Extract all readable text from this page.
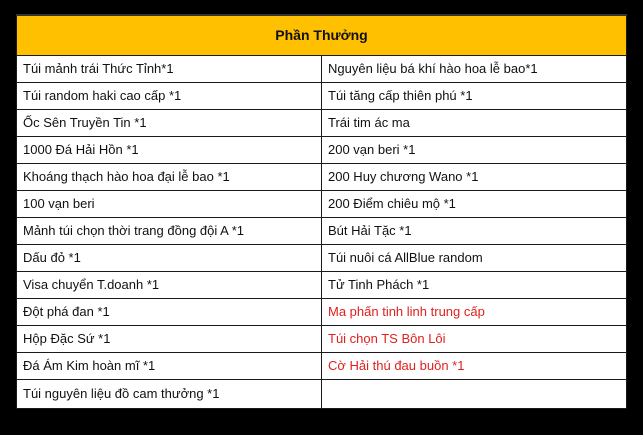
Phần Thưởng	
Túi mảnh trái Thức Tỉnh*1	Nguyên liệu bá khí hào hoa lễ bao*1
Túi random haki cao cấp *1	Túi tăng cấp thiên phú *1
Ốc Sên Truyền Tin *1	Trái tim ác ma
1000 Đá Hải Hồn *1	200 vạn beri *1
Khoáng thạch hào hoa đại lễ bao *1	200 Huy chương Wano *1
100 vạn beri	200 Điểm chiêu mộ *1
Mảnh túi chọn thời trang đồng đội A *1	Bút Hải Tặc *1
Dấu đỏ *1	Túi nuôi cá AllBlue random
Visa chuyển T.doanh *1	Tử Tinh Phách *1
Đột phá đan *1	Ma phấn tinh linh trung cấp
Hộp Đặc Sứ *1	Túi chọn TS Bôn Lôi
Đá Ám Kim hoàn mĩ *1	Cờ Hải thú đau buồn *1
Túi nguyên liệu đồ cam thưởng *1	
